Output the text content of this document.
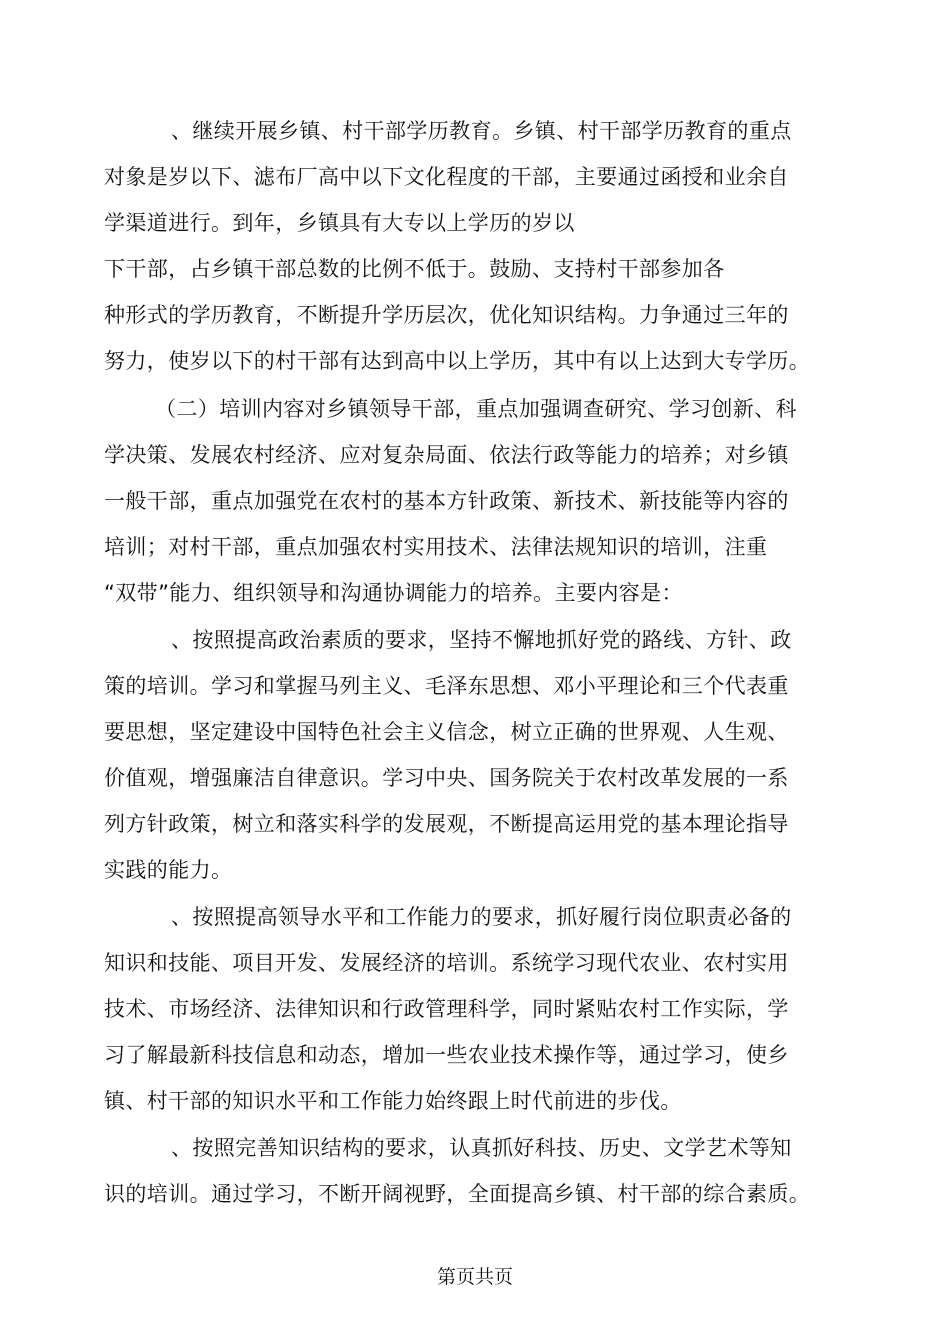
、继续开展乡镇、村干部学历教育。乡镇、村干部学历教育的重点
对象是岁以下、滤布厂高中以下文化程度的干部，主要通过函授和业余自
学渠道进行。到年，乡镇具有大专以上学历的岁以
下干部，占乡镇干部总数的比例不低于。鼓励、支持村干部参加各
种形式的学历教育，不断提升学历层次，优化知识结构。力争通过三年的
努力，使岁以下的村干部有达到高中以上学历，其中有以上达到大专学历。
（二）培训内容对乡镇领导干部，重点加强调查研究、学习创新、科
学决策、发展农村经济、应对复杂局面、依法行政等能力的培养；对乡镇
一般干部，重点加强党在农村的基本方针政策、新技术、新技能等内容的
培训；对村干部，重点加强农村实用技术、法律法规知识的培训，注重
“双带”能力、组织领导和沟通协调能力的培养。主要内容是：
、按照提高政治素质的要求，坚持不懈地抓好党的路线、方针、政
策的培训。学习和掌握马列主义、毛泽东思想、邓小平理论和三个代表重
要思想，坚定建设中国特色社会主义信念，树立正确的世界观、人生观、
价值观，增强廉洁自律意识。学习中央、国务院关于农村改革发展的一系
列方针政策，树立和落实科学的发展观，不断提高运用党的基本理论指导
实践的能力。
、按照提高领导水平和工作能力的要求，抓好履行岗位职责必备的
知识和技能、项目开发、发展经济的培训。系统学习现代农业、农村实用
技术、市场经济、法律知识和行政管理科学，同时紧贴农村工作实际，学
习了解最新科技信息和动态，增加一些农业技术操作等，通过学习，使乡
镇、村干部的知识水平和工作能力始终跟上时代前进的步伐。
、按照完善知识结构的要求，认真抓好科技、历史、文学艺术等知
识的培训。通过学习，不断开阔视野，全面提高乡镇、村干部的综合素质。
第页共页
